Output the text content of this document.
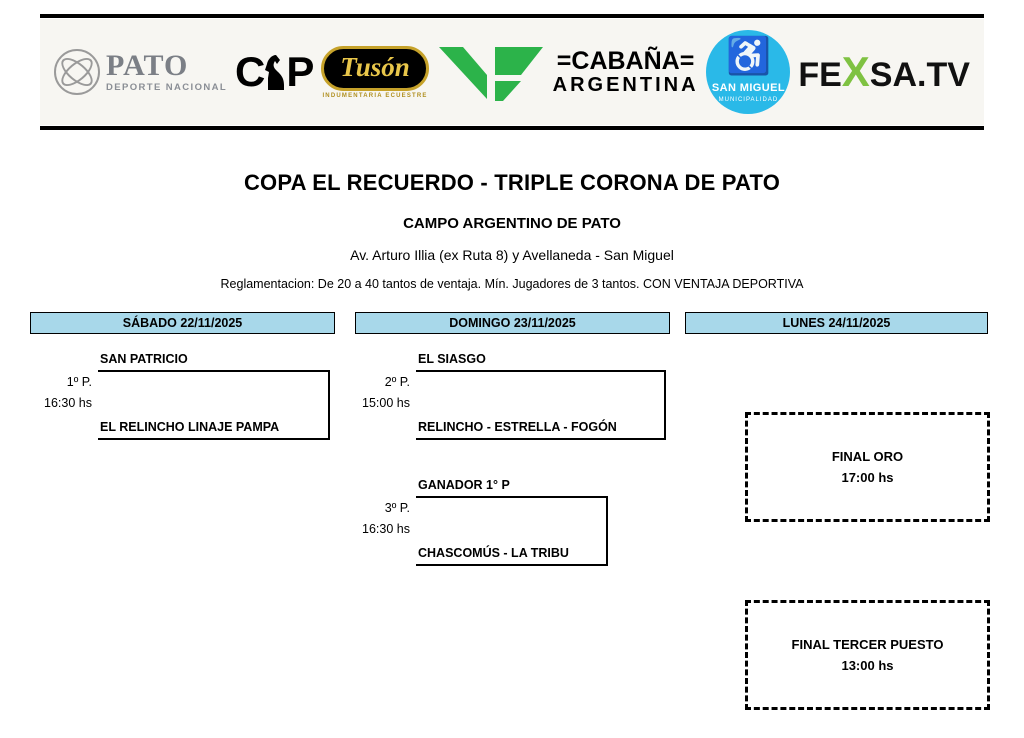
PATO
DEPORTE NACIONAL C P Tusón
INDUMENTARIA ECUESTRE
=CABAÑA=
ARGENTINA
♿
SAN MIGUEL
MUNICIPALIDAD
FEXSA.TV
COPA EL RECUERDO - TRIPLE CORONA DE PATO
CAMPO ARGENTINO DE PATO
Av. Arturo Illia (ex Ruta 8) y Avellaneda - San Miguel
Reglamentacion: De 20 a 40 tantos de ventaja. Mín. Jugadores de 3 tantos. CON VENTAJA DEPORTIVA
SÁBADO 22/11/2025	DOMINGO 23/11/2025	LUNES 24/11/2025
1º P.
16:30 hs
SAN PATRICIO
EL RELINCHO LINAJE PAMPA
2º P.
15:00 hs
EL SIASGO
RELINCHO - ESTRELLA - FOGÓN
3º P.
16:30 hs
GANADOR 1° P
CHASCOMÚS - LA TRIBU
FINAL ORO
17:00 hs
FINAL TERCER PUESTO
13:00 hs
